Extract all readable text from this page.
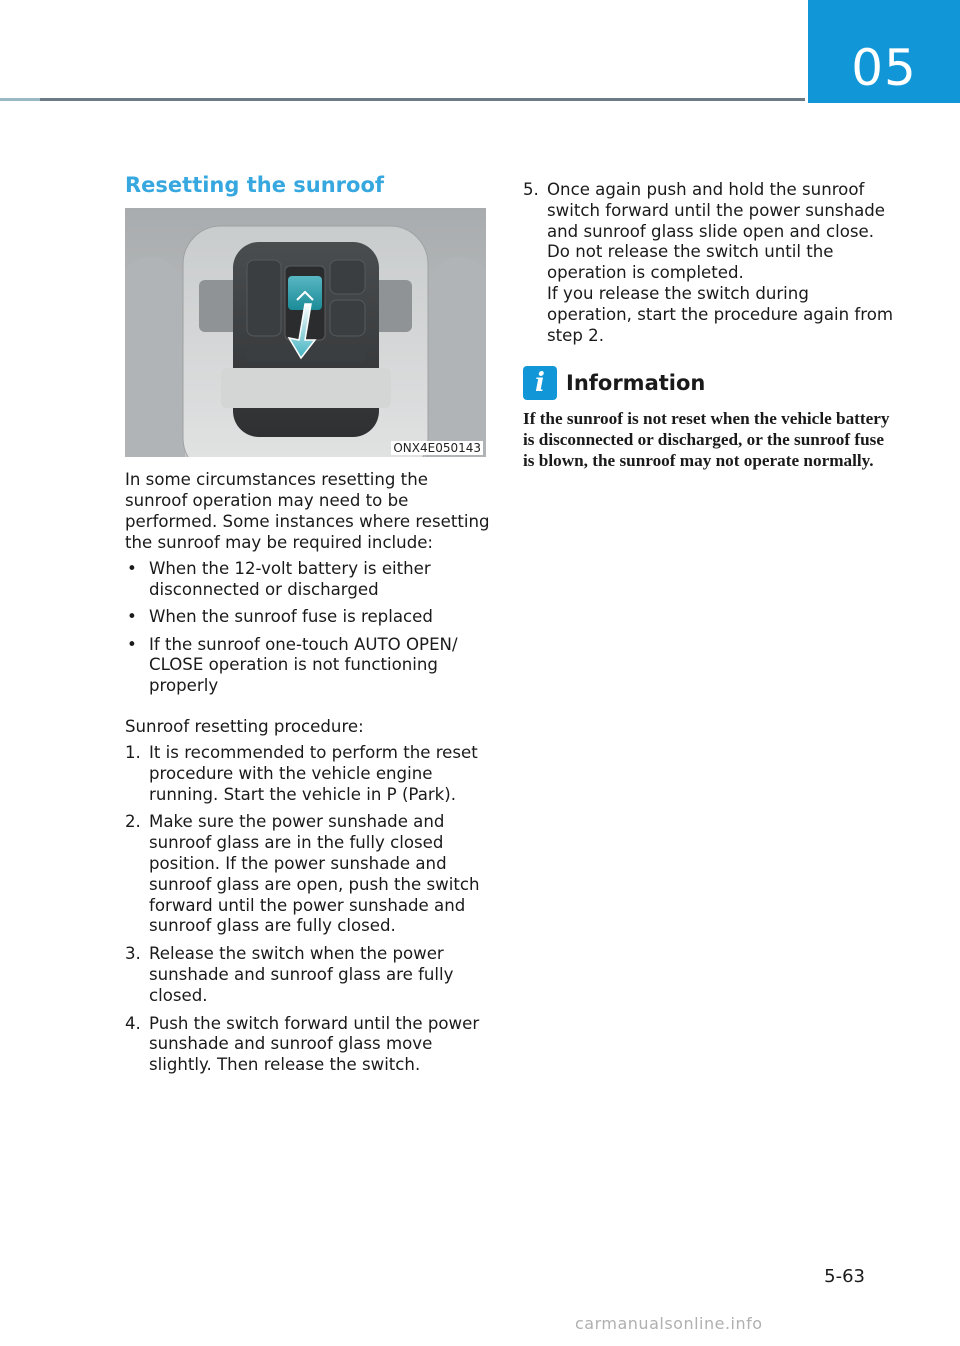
05
Resetting the sunroof
ONX4E050143

In some circumstances resetting the sunroof operation may need to be performed. Some instances where resetting the sunroof may be required include:

• When the 12-volt battery is either disconnected or discharged
• When the sunroof fuse is replaced
• If the sunroof one-touch AUTO OPEN/ CLOSE operation is not functioning properly

Sunroof resetting procedure:

1. It is recommended to perform the reset procedure with the vehicle engine running. Start the vehicle in P (Park).
2. Make sure the power sunshade and sunroof glass are in the fully closed position. If the power sunshade and sunroof glass are open, push the switch forward until the power sunshade and sunroof glass are fully closed.
3. Release the switch when the power sunshade and sunroof glass are fully closed.
4. Push the switch forward until the power sunshade and sunroof glass move slightly. Then release the switch.
5. Once again push and hold the sunroof switch forward until the power sunshade and sunroof glass slide open and close. Do not release the switch until the operation is completed.
If you release the switch during operation, start the procedure again from step 2.
i	Information

If the sunroof is not reset when the vehicle battery is disconnected or discharged, or the sunroof fuse is blown, the sunroof may not operate normally.

5-63
carmanualsonline.info
